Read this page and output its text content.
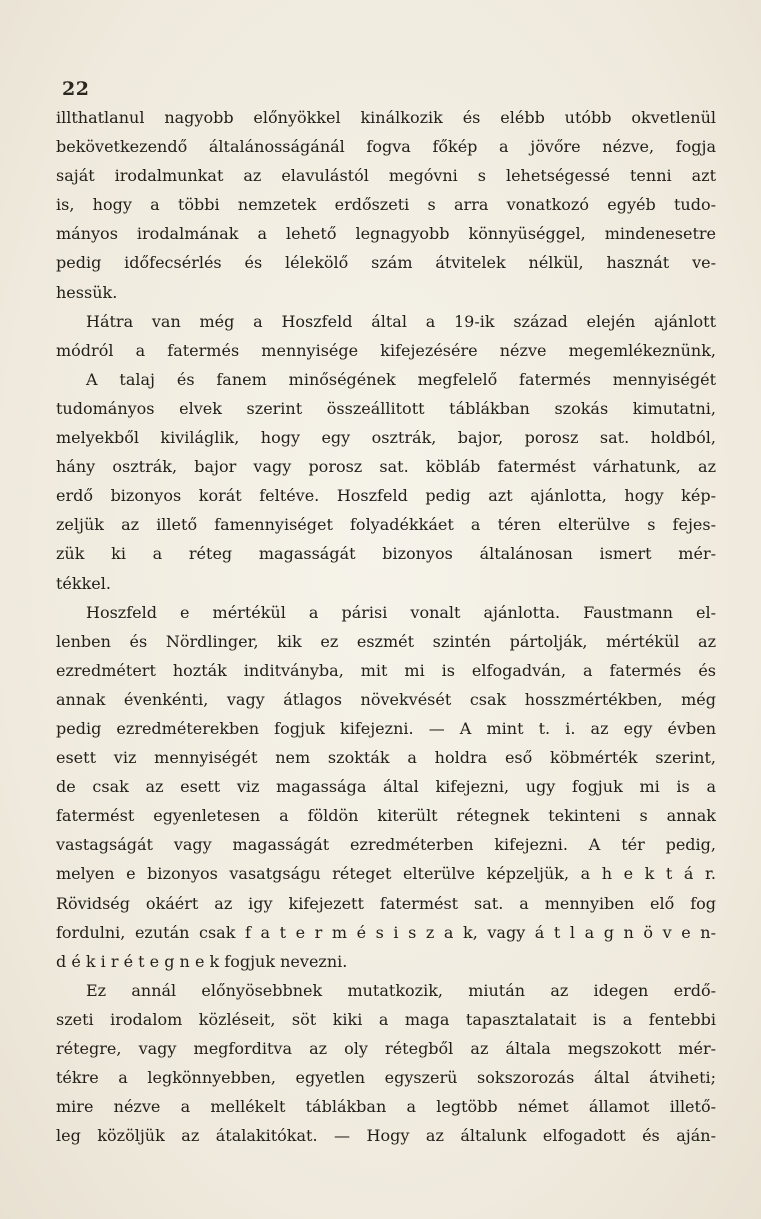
22
illthatlanul nagyobb előnyökkel kinálkozik és elébb utóbb okvetlenül
bekövetkezendő általánosságánál fogva főkép a jövőre nézve, fogja
saját irodalmunkat az elavulástól megóvni s lehetségessé tenni azt
is, hogy a többi nemzetek erdőszeti s arra vonatkozó egyéb tudo-
mányos irodalmának a lehető legnagyobb könnyüséggel, mindenesetre
pedig időfecsérlés és lélekölő szám átvitelek nélkül, hasznát ve-
hessük.
Hátra van még a Hoszfeld által a 19-ik század elején ajánlott
módról a fatermés mennyisége kifejezésére nézve megemlékeznünk,
A talaj és fanem minőségének megfelelő fatermés mennyiségét
tudományos elvek szerint összeállitott táblákban szokás kimutatni,
melyekből kiviláglik, hogy egy osztrák, bajor, porosz sat. holdból,
hány osztrák, bajor vagy porosz sat. köbláb fatermést várhatunk, az
erdő bizonyos korát feltéve. Hoszfeld pedig azt ajánlotta, hogy kép-
zeljük az illető famennyiséget folyadékkáet a téren elterülve s fejes-
zük ki a réteg magasságát bizonyos általánosan ismert mér-
tékkel.
Hoszfeld e mértékül a párisi vonalt ajánlotta. Faustmann el-
lenben és Nördlinger, kik ez eszmét szintén pártolják, mértékül az
ezredmétert hozták inditványba, mit mi is elfogadván, a fatermés és
annak évenkénti, vagy átlagos növekvését csak hosszmértékben, még
pedig ezredméterekben fogjuk kifejezni. — A mint t. i. az egy évben
esett viz mennyiségét nem szokták a holdra eső köbmérték szerint,
de csak az esett viz magassága által kifejezni, ugy fogjuk mi is a
fatermést egyenletesen a földön kiterült rétegnek tekinteni s annak
vastagságát vagy magasságát ezredméterben kifejezni. A tér pedig,
melyen e bizonyos vasatgságu réteget elterülve képzeljük, a h e k t á r.
Rövidség okáért az igy kifejezett fatermést sat. a mennyiben elő fog
fordulni, ezután csak f a t e r m é s i s z a k, vagy á t l a g n ö v e n-
d é k i r é t e g n e k fogjuk nevezni.
Ez annál előnyösebbnek mutatkozik, miután az idegen erdő-
szeti irodalom közléseit, söt kiki a maga tapasztalatait is a fentebbi
rétegre, vagy megforditva az oly rétegből az általa megszokott mér-
tékre a legkönnyebben, egyetlen egyszerü sokszorozás által átviheti;
mire nézve a mellékelt táblákban a legtöbb német államot illető-
leg közöljük az átalakitókat. — Hogy az általunk elfogadott és aján-
